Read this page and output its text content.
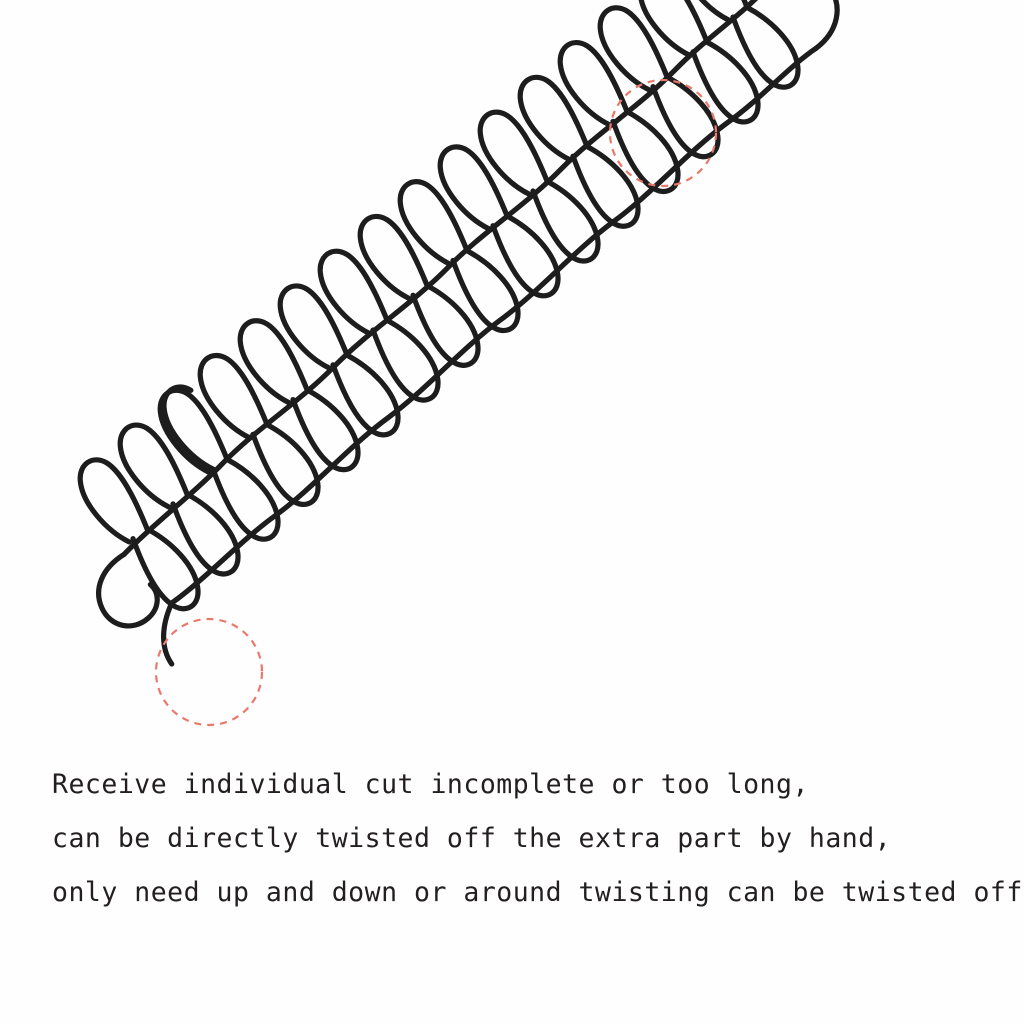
Receive individual cut incomplete or too long,
can be directly twisted off the extra part by hand,
only need up and down or around twisting can be twisted off
